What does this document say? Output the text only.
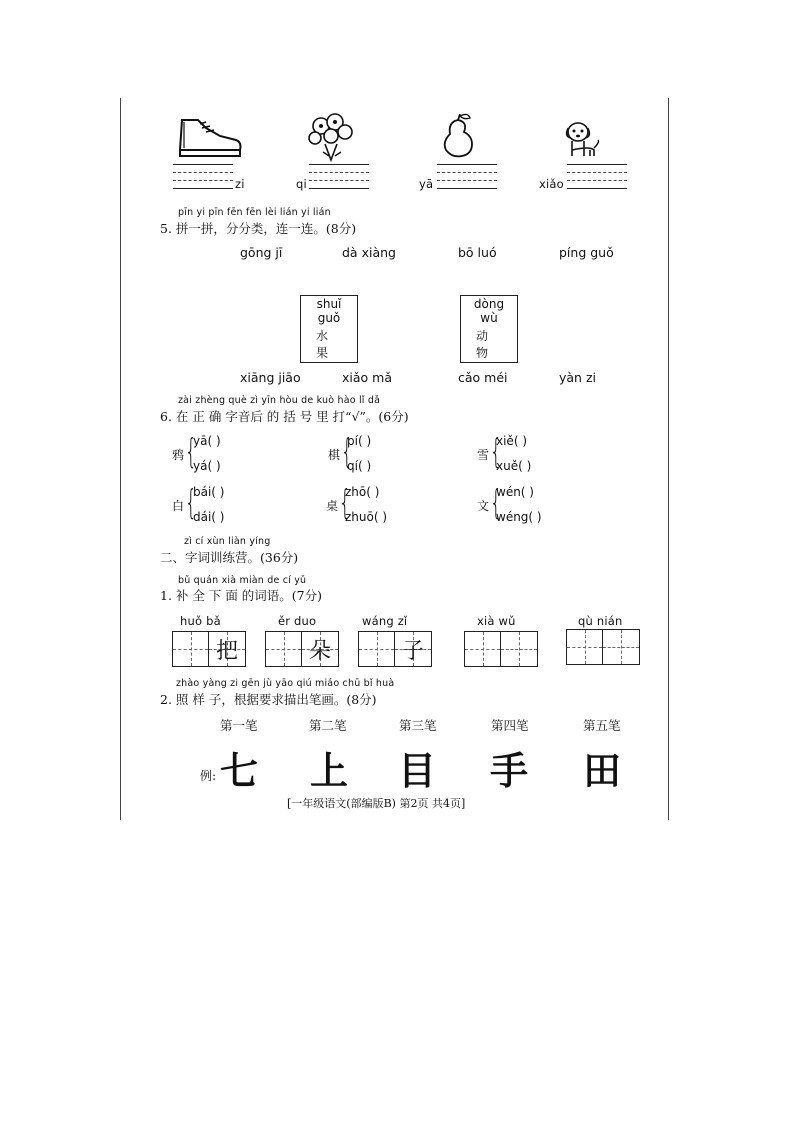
zi	qi	yā	xiǎo
pīn yi pīn fēn fēn lèi lián yi lián
5. 拼一拼，分分类，连一连。(8分)
gōng jī	dà xiàng	bō luó	píng guǒ
shuǐ guǒ
水果
dòng wù
动物
xiāng jiāo	xiǎo mǎ	cǎo méi	yàn zi
zài zhèng què zì yīn hòu de kuò hào lǐ dǎ
6. 在 正 确 字音后 的 括 号 里 打“√”。(6分)
鸦 {
yā( )
yá( )
棋 {
pí( )
qí( )
雪 {
xiě( )
xuě( )
白 {
bái( )
dái( )
桌 {
zhō( )
zhuō( )
文 {
wén( )
wéng( )
zì cí xùn liàn yíng
二、字词训练营。(36分)
bǔ quán xià miàn de cí yǔ
1. 补 全 下 面 的词语。(7分)
huǒ bǎ
把
ěr duo
朵
wáng zǐ
子
xià wǔ	qù nián
zhào yàng zi gēn jù yāo qiú miáo chū bǐ huà
2. 照 样 子，根据要求描出笔画。(8分)
第一笔	第二笔	第三笔	第四笔	第五笔
例: 七 上 目 手 田
[一年级语文(部编版B) 第2页 共4页]
